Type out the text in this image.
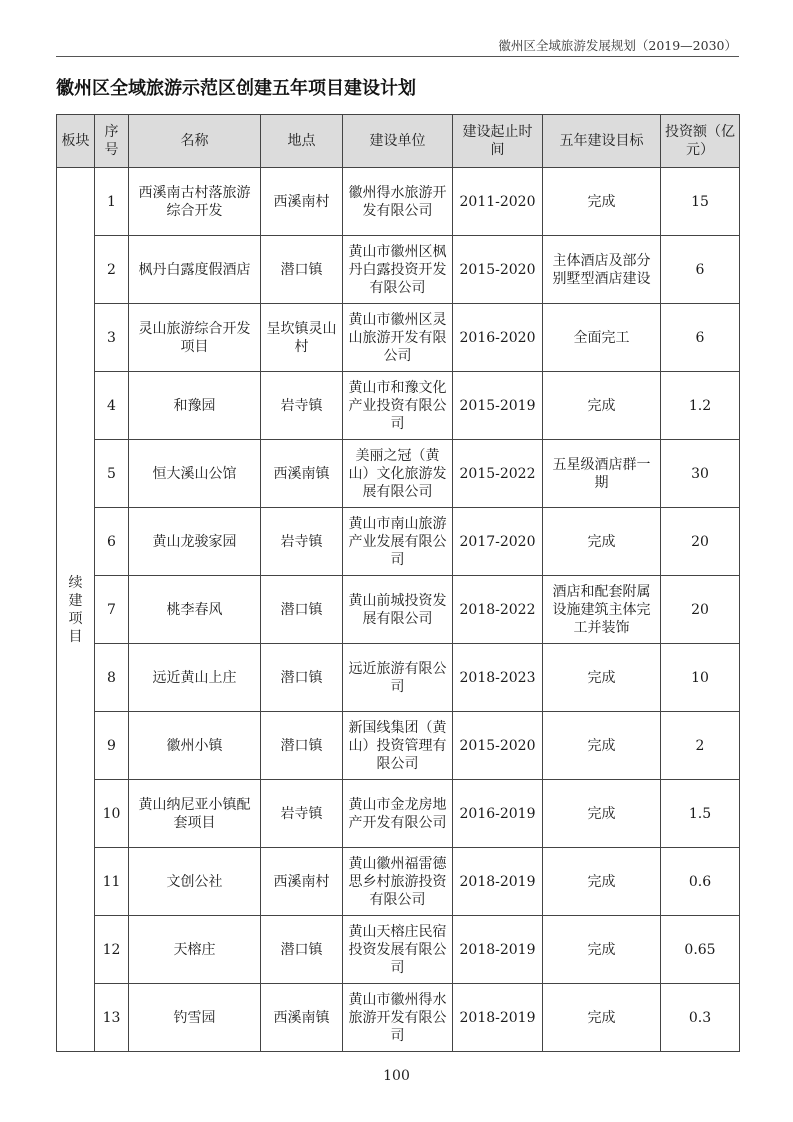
徽州区全域旅游发展规划（2019—2030）
徽州区全域旅游示范区创建五年项目建设计划
板块	序号	名称	地点	建设单位	建设起止时间	五年建设目标	投资额（亿元）

续建项目	1	西溪南古村落旅游综合开发	西溪南村	徽州得水旅游开发有限公司	2011-2020	完成	15
	2	枫丹白露度假酒店	潜口镇	黄山市徽州区枫丹白露投资开发有限公司	2015-2020	主体酒店及部分别墅型酒店建设	6
	3	灵山旅游综合开发项目	呈坎镇灵山村	黄山市徽州区灵山旅游开发有限公司	2016-2020	全面完工	6
	4	和豫园	岩寺镇	黄山市和豫文化产业投资有限公司	2015-2019	完成	1.2
	5	恒大溪山公馆	西溪南镇	美丽之冠（黄山）文化旅游发展有限公司	2015-2022	五星级酒店群一期	30
	6	黄山龙骏家园	岩寺镇	黄山市南山旅游产业发展有限公司	2017-2020	完成	20
	7	桃李春风	潜口镇	黄山前城投资发展有限公司	2018-2022	酒店和配套附属设施建筑主体完工并装饰	20
	8	远近黄山上庄	潜口镇	远近旅游有限公司	2018-2023	完成	10
	9	徽州小镇	潜口镇	新国线集团（黄山）投资管理有限公司	2015-2020	完成	2
	10	黄山纳尼亚小镇配套项目	岩寺镇	黄山市金龙房地产开发有限公司	2016-2019	完成	1.5
	11	文创公社	西溪南村	黄山徽州福雷德思乡村旅游投资有限公司	2018-2019	完成	0.6
	12	天榕庄	潜口镇	黄山天榕庄民宿投资发展有限公司	2018-2019	完成	0.65
	13	钓雪园	西溪南镇	黄山市徽州得水旅游开发有限公司	2018-2019	完成	0.3
100
